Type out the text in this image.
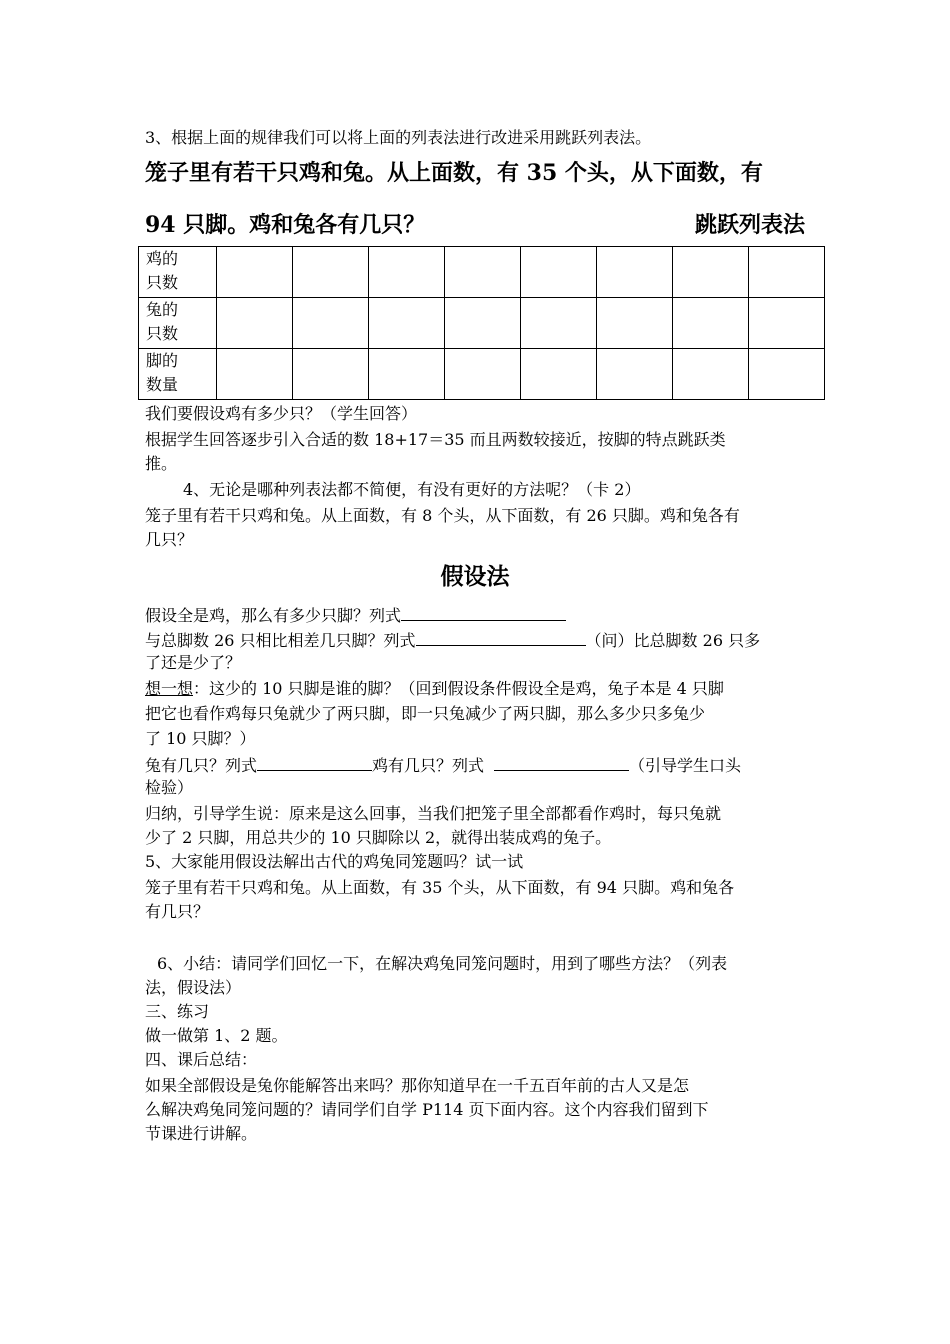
3、根据上面的规律我们可以将上面的列表法进行改进采用跳跃列表法。
笼子里有若干只鸡和兔。从上面数，有 35 个头，从下面数，有
94 只脚。鸡和兔各有几只？	跳跃列表法
鸡的
只数								

兔的
只数								

脚的
数量								

我们要假设鸡有多少只？（学生回答）
根据学生回答逐步引入合适的数 18+17＝35 而且两数较接近，按脚的特点跳跃类
推。
4、无论是哪种列表法都不简便，有没有更好的方法呢？（卡 2）
笼子里有若干只鸡和兔。从上面数，有 8 个头，从下面数，有 26 只脚。鸡和兔各有
几只？
假设法
假设全是鸡，那么有多少只脚？列式
与总脚数 26 只相比相差几只脚？列式	（问）比总脚数 26 只多
了还是少了？
想一想：这少的 10 只脚是谁的脚？（回到假设条件假设全是鸡，兔子本是 4 只脚
把它也看作鸡每只兔就少了两只脚，即一只兔减少了两只脚，那么多少只多兔少
了 10 只脚？）
兔有几只？列式	鸡有几只？列式	（引导学生口头
检验）
归纳，引导学生说：原来是这么回事，当我们把笼子里全部都看作鸡时，每只兔就
少了 2 只脚，用总共少的 10 只脚除以 2，就得出装成鸡的兔子。
5、大家能用假设法解出古代的鸡兔同笼题吗？试一试
笼子里有若干只鸡和兔。从上面数，有 35 个头，从下面数，有 94 只脚。鸡和兔各
有几只？
6、小结：请同学们回忆一下，在解决鸡兔同笼问题时，用到了哪些方法？（列表
法，假设法）
三、练习
做一做第 1、2 题。
四、课后总结：
如果全部假设是兔你能解答出来吗？那你知道早在一千五百年前的古人又是怎
么解决鸡兔同笼问题的？请同学们自学 P114 页下面内容。这个内容我们留到下
节课进行讲解。
